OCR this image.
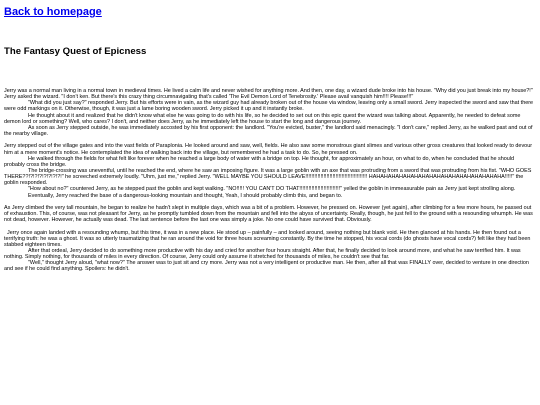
Back to homepage
The Fantasy Quest of Epicness

Jerry was a normal man living in a normal town in medieval times. He lived a calm life and never wished for anything more. And then, one day, a wizard dude broke into his house. "Why did you just break into my house?!" Jerry asked the wizard. "I don't ken. But there's this crazy thing circumnavigating that's called 'The Evil Demon Lord of Tenebrosity.' Please avail vanquish him!!!! Please!!!"

"What did you just say?" responded Jerry. But his efforts were in vain, as the wizard guy had already broken out of the house via window, leaving only a small sword. Jerry inspected the sword and saw that there were odd markings on it. Otherwise, though, it was just a lame boring wooden sword. Jerry picked it up and it instantly broke.

He thought about it and realized that he didn't know what else he was going to do with his life, so he decided to set out on this epic quest the wizard was talking about. Apparently, he needed to defeat some demon lord or something? Well, who cares? I don't, and neither does Jerry, as he immediately left the house to start the long and dangerous journey.

As soon as Jerry stepped outside, he was immediately accosted by his first opponent: the landlord. "You're evicted, buster," the landlord said menacingly. "I don't care," replied Jerry, as he walked past and out of the nearby village.

Jerry stepped out of the village gates and into the vast fields of Paraplonia. He looked around and saw, well, fields. He also saw some monstrous giant slimes and various other gross creatures that looked ready to devour him at a mere moment's notice. He contemplated the idea of walking back into the village, but remembered he had a task to do. So, he pressed on.

He walked through the fields for what felt like forever when he reached a large body of water with a bridge on top. He thought, for approximately an hour, on what to do, when he concluded that he should probably cross the bridge.

The bridge-crossing was uneventful, until he reached the end, where he saw an imposing figure. It was a large goblin with an axe that was protruding from a sword that was protruding from his fist. "WHO GOES THERE??!?!?!?!?!?!?!?!" he screeched extremely loudly. "Uhm, just me," replied Jerry. "WELL MAYBE YOU SHOULD LEAVE!!!!!!!!!!!!!!!!!!!!!!!!!!!!!!!!!!!!!!!!! HAHAHAHAHAHAHAHAHAHAHAHAHAHAHAHAHAHA!!!!!" the goblin responded.

"How about no?" countered Jerry, as he stepped past the goblin and kept walking. "NO!!!!! YOU CAN'T DO THAT!!!!!!!!!!!!!!!!!!!!!!!!!!!" yelled the goblin in immeasurable pain as Jerry just kept strolling along.

Eventually, Jerry reached the base of a dangerous-looking mountain and thought, Yeah, I should probably climb this, and began to.

As Jerry climbed the very tall mountain, he began to realize he hadn't slept in multiple days, which was a bit of a problem. However, he pressed on. However (yet again), after climbing for a few more hours, he passed out of exhaustion. This, of course, was not pleasant for Jerry, as he promptly tumbled down from the mountain and fell into the abyss of uncertainty. Really, though, he just fell to the ground with a resounding whumph. He was not dead, however. However, he actually was dead. The last sentence before the last one was simply a joke. No one could have survived that. Obviously.

Jerry once again landed with a resounding whump, but this time, it was in a new place. He stood up – painfully – and looked around, seeing nothing but blank void. He then glanced at his hands. He then found out a terrifying truth: he was a ghost. It was so utterly traumatizing that he ran around the void for three hours screaming constantly. By the time he stopped, his vocal cords (do ghosts have vocal cords?) felt like they had been stabbed eighteen times.

After that ordeal, Jerry decided to do something more productive with his day and cried for another four hours straight. After that, he finally decided to look around more, and what he saw terrified him. It was nothing. Simply nothing, for thousands of miles in every direction. Of course, Jerry could only assume it stretched for thousands of miles, he couldn't see that far.

"Well," thought Jerry aloud, "what now?" The answer was to just sit and cry more. Jerry was not a very intelligent or productive man. He then, after all that was FINALLY over, decided to venture in one direction and see if he could find anything. Spoilers: he didn't.
